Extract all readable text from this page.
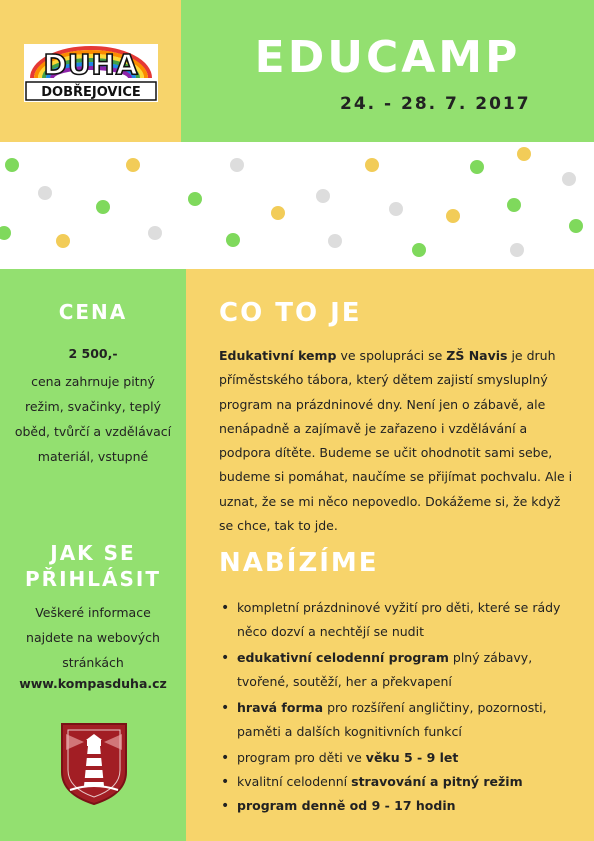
DUHA
DOBŘEJOVICE
EDUCAMP
24. - 28. 7. 2017
CENA
2 500,-
cena zahrnuje pitný režim, svačinky, teplý oběd, tvůrčí a vzdělávací materiál, vstupné
JAK SE
PŘIHLÁSIT
Veškeré informace najdete na webových stránkách
www.kompasduha.cz
CO TO JE

Edukativní kemp ve spolupráci se ZŠ Navis je druh příměstského tábora, který dětem zajistí smysluplný program na prázdninové dny. Není jen o zábavě, ale nenápadně a zajímavě je zařazeno i vzdělávání a podpora dítěte. Budeme se učit ohodnotit sami sebe, budeme si pomáhat, naučíme se přijímat pochvalu. Ale i uznat, že se mi něco nepovedlo. Dokážeme si, že když se chce, tak to jde.

NABÍZÍME
• kompletní prázdninové vyžití pro děti, které se rády něco dozví a nechtějí se nudit
• edukativní celodenní program plný zábavy, tvořené, soutěží, her a překvapení
• hravá forma pro rozšíření angličtiny, pozornosti, paměti a dalších kognitivních funkcí
• program pro děti ve věku 5 - 9 let
• kvalitní celodenní stravování a pitný režim
• program denně od 9 - 17 hodin
